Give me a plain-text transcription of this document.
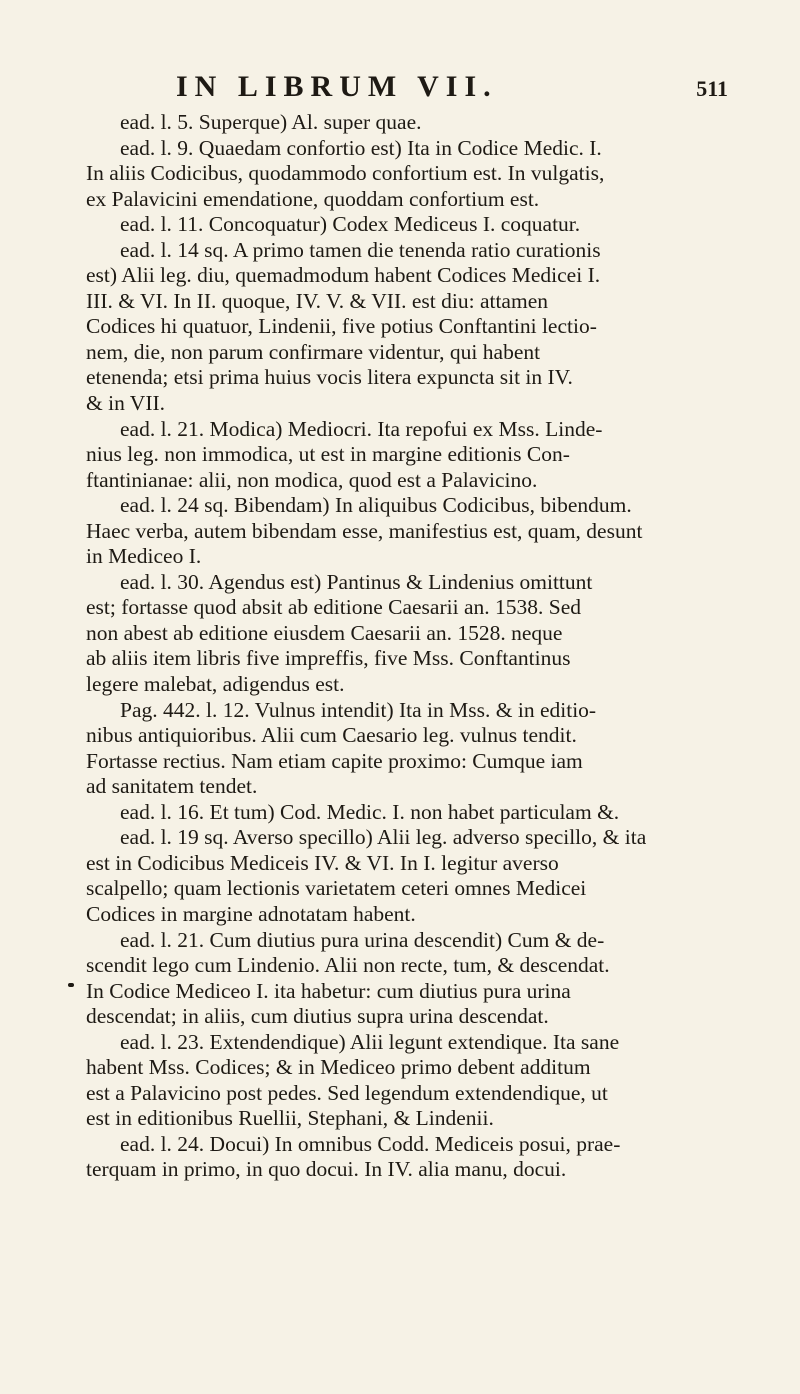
IN LIBRUM VII.	511
ead. l. 5. Superque) Al. super quae.
ead. l. 9. Quaedam confortio est) Ita in Codice Medic. I.
In aliis Codicibus, quodammodo confortium est. In vulgatis,
ex Palavicini emendatione, quoddam confortium est.
ead. l. 11. Concoquatur) Codex Mediceus I. coquatur.
ead. l. 14 sq. A primo tamen die tenenda ratio curationis
est) Alii leg. diu, quemadmodum habent Codices Medicei I.
III. & VI. In II. quoque, IV. V. & VII. est diu: attamen
Codices hi quatuor, Lindenii, five potius Conftantini lectio-
nem, die, non parum confirmare videntur, qui habent
etenenda; etsi prima huius vocis litera expuncta sit in IV.
& in VII.
ead. l. 21. Modica) Mediocri. Ita repofui ex Mss. Linde-
nius leg. non immodica, ut est in margine editionis Con-
ftantinianae: alii, non modica, quod est a Palavicino.
ead. l. 24 sq. Bibendam) In aliquibus Codicibus, bibendum.
Haec verba, autem bibendam esse, manifestius est, quam, desunt
in Mediceo I.
ead. l. 30. Agendus est) Pantinus & Lindenius omittunt
est; fortasse quod absit ab editione Caesarii an. 1538. Sed
non abest ab editione eiusdem Caesarii an. 1528. neque
ab aliis item libris five impreffis, five Mss. Conftantinus
legere malebat, adigendus est.
Pag. 442. l. 12. Vulnus intendit) Ita in Mss. & in editio-
nibus antiquioribus. Alii cum Caesario leg. vulnus tendit.
Fortasse rectius. Nam etiam capite proximo: Cumque iam
ad sanitatem tendet.
ead. l. 16. Et tum) Cod. Medic. I. non habet particulam &.
ead. l. 19 sq. Averso specillo) Alii leg. adverso specillo, & ita
est in Codicibus Mediceis IV. & VI. In I. legitur averso
scalpello; quam lectionis varietatem ceteri omnes Medicei
Codices in margine adnotatam habent.
ead. l. 21. Cum diutius pura urina descendit) Cum & de-
scendit lego cum Lindenio. Alii non recte, tum, & descendat.
In Codice Mediceo I. ita habetur: cum diutius pura urina
descendat; in aliis, cum diutius supra urina descendat.
ead. l. 23. Extendendique) Alii legunt extendique. Ita sane
habent Mss. Codices; & in Mediceo primo debent additum
est a Palavicino post pedes. Sed legendum extendendique, ut
est in editionibus Ruellii, Stephani, & Lindenii.
ead. l. 24. Docui) In omnibus Codd. Mediceis posui, prae-
terquam in primo, in quo docui. In IV. alia manu, docui.
